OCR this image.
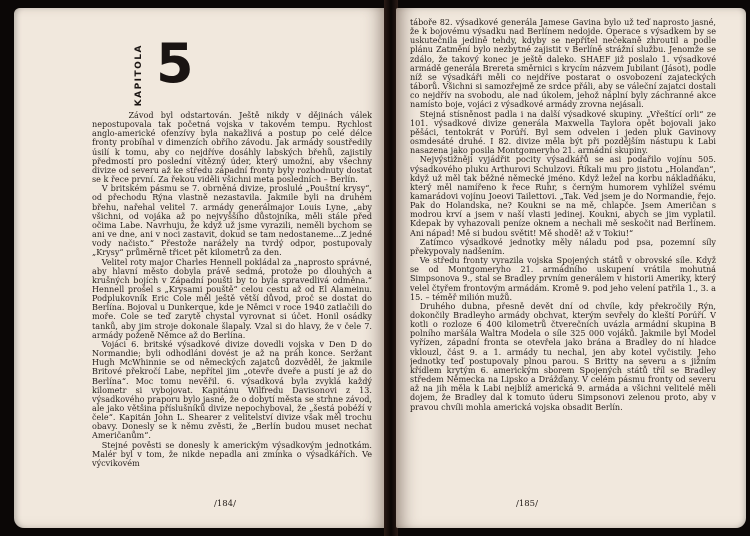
KAPITOLA 5

Závod byl odstartován. Ještě nikdy v dějinách válek nepostupovala tak početná vojska v takovém tempu. Rychlost anglo-americké ofenzívy byla nakažlivá a postup po celé délce fronty probíhal v dimenzích obřího závodu. Jak armády soustředily úsilí k tomu, aby co nejdříve dosáhly labských břehů, zajistily předmostí pro poslední vítězný úder, který umožní, aby všechny divize od severu až ke středu západní fronty byly rozhodnuty dostat se k řece první. Za řekou viděli všichni meta posledních – Berlín.

V britském pásmu se 7. obrněná divize, proslulé „Pouštní krysy“, od přechodu Rýna vlastně nezastavila. Jakmile byli na druhém břehu, nařehal velitel 7. armády generálmajor Louis Lyne, „aby všichni, od vojáka až po nejvyššího důstojníka, měli stále před očima Labe. Navrhuju, že když už jsme vyrazili, neměli bychom se ani ve dne, ani v noci zastavit, dokud se tam nedostaneme...Z jedné vody načisto.“ Přestože narážely na tvrdý odpor, postupovaly „Krysy“ průměrně třicet pět kilometrů za den.

Velitel roty major Charles Hennell pokládal za „naprosto správné, aby hlavní město dobyla právě sedmá, protože po dlouhých a krušných bojích v Západní poušti by to byla spravedlivá odměna.“ Hennell prošel s „Krysami pouště“ celou cestu až od El Alameinu. Podplukovník Eric Cole měl ještě větší důvod, proč se dostat do Berlína. Bojoval u Dunkerque, kde je Němci v roce 1940 zatlačili do moře. Cole se teď zarytě chystal vyrovnat si účet. Honil osádky tanků, aby jim stroje dokonale šlapaly. Vzal si do hlavy, že v čele 7. armády poženě Němce až do Berlína.

Vojáci 6. britské výsadkové divize dovedli vojska v Den D do Normandie; byli odhodláni dovést je až na práh konce. Seržant Hugh McWhinnie se od německých zajatců dozvěděl, že jakmile Britové překročí Labe, nepřítel jim „otevře dveře a pustí je až do Berlína“. Moc tomu nevěřil. 6. výsadková byla zvyklá každý kilometr si vybojovat. Kapitánu Wilfredu Davisonovi z 13. výsadkového praporu bylo jasné, že o dobytí města se strhne závod, ale jako většina příslušníků divize nepochyboval, že „šestá pobéží v čele“. Kapitán John L. Shearer z velitelství divize však měl trochu obavy. Donesly se k němu zvěsti, že „Berlín budou muset nechat Američanům“.

Stejné pověsti se donesly k americkým výsadkovým jednotkám. Malér byl v tom, že nikde nepadla ani zmínka o výsadkářích. Ve výcvikovém

/184/

táboře 82. výsadkové generála Jamese Gavina bylo už teď naprosto jasné, že k bojovému výsadku nad Berlínem nedojde. Operace s výsadkem by se uskutečnila jedině tehdy, kdyby se nepřítel nečekaně zhroutil a podle plánu Zatmění bylo nezbytné zajistit v Berlíně strážní službu. Jenomže se zdálo, že takový konec je ještě daleko. SHAEF již poslalo 1. výsadkové armádě generála Brereta směrnici s krycím názvem Jubilant (Jásot), podle níž se výsadkáři měli co nejdříve postarat o osvobození zajateckých táborů. Všichni si samozřejmě ze srdce přáli, aby se váleční zajatci dostali co nejdřív na svobodu, ale nad úkolem, jehož náplní byly záchranné akce namísto boje, vojáci z výsadkové armády zrovna nejásali.

Stejná stísněnost padla i na další výsadkové skupiny. „Vřeštící orli“ ze 101. výsadkové divize generála Maxwella Taylora opět bojovali jako pěšáci, tentokrát v Porúří. Byl sem odvelen i jeden pluk Gavinovy osmdesáté druhé. I 82. divize měla být při pozdějším nástupu k Labi nasazena jako posila Montgomeryho 21. armádní skupiny.

Nejvýstižněji vyjádřit pocity výsadkářů se asi podařilo vojínu 505. výsadkového pluku Arthurovi Schulzovi. Říkali mu pro jistotu „Holanďan“, když už měl tak běžné německé jméno. Když ležel na korbu nákladňáku, který měl namířeno k řece Ruhr, s černým humorem vyhlížel svému kamarádovi vojínu Joeovi Tailettovi. „Tak. Ved jsem je do Normandie, řejo. Pak do Holandska, ne? Kouknі se na mě, chlapče. Jsem Američan s modrou krví a jsem v naší vlasti jedinej. Kouknі, abych se jim vyplatil. Kdepak by vyhazovali peníze oknem a nechali mě seskočit nad Berlínem. Ani nápad! Mě si budou světit! Mě shodě! až v Tokiu!“

Zatímco výsadkové jednotky měly náladu pod psa, pozemní síly překypovaly nadšením.

Ve středu fronty vyrazila vojska Spojených států v obrovské síle. Když se od Montgomeryho 21. armádního uskupení vrátila mohutná Simpsonova 9., stal se Bradley prvním generálem v historii Ameriky, který velel čtyřem frontovým armádám. Kromě 9. pod jeho velení patřila 1., 3. a 15. – téměř milión mužů.

Druhého dubna, přesně devět dní od chvíle, kdy překročily Rýn, dokončily Bradleyho armády obchvat, kterým sevřely do kleští Porúří. V kotli o rozloze 6 400 kilometrů čtverečních uvázla armádní skupina B polního maršála Waltra Modela o síle 325 000 vojáků. Jakmile byl Model vyřízen, západní fronta se otevřela jako brána a Bradley do ní hladce vklouzl, část 9. a 1. armády tu nechal, jen aby kotel vyčistily. Jeho jednotky teď postupovaly plnou parou. S Britty na severu a s jižním křídlem krytým 6. americkým sborem Spojených států tříl se Bradley středem Německa na Lipsko a Drážďany. V celém pásmu fronty od severu až na jih měla k Labi nejblíž americká 9. armáda a všichni velitelé měli dojem, že Bradley dal k tomuto úderu Simpsonovi zelenou proto, aby v pravou chvíli mohla americká vojska obsadit Berlín.

/185/
